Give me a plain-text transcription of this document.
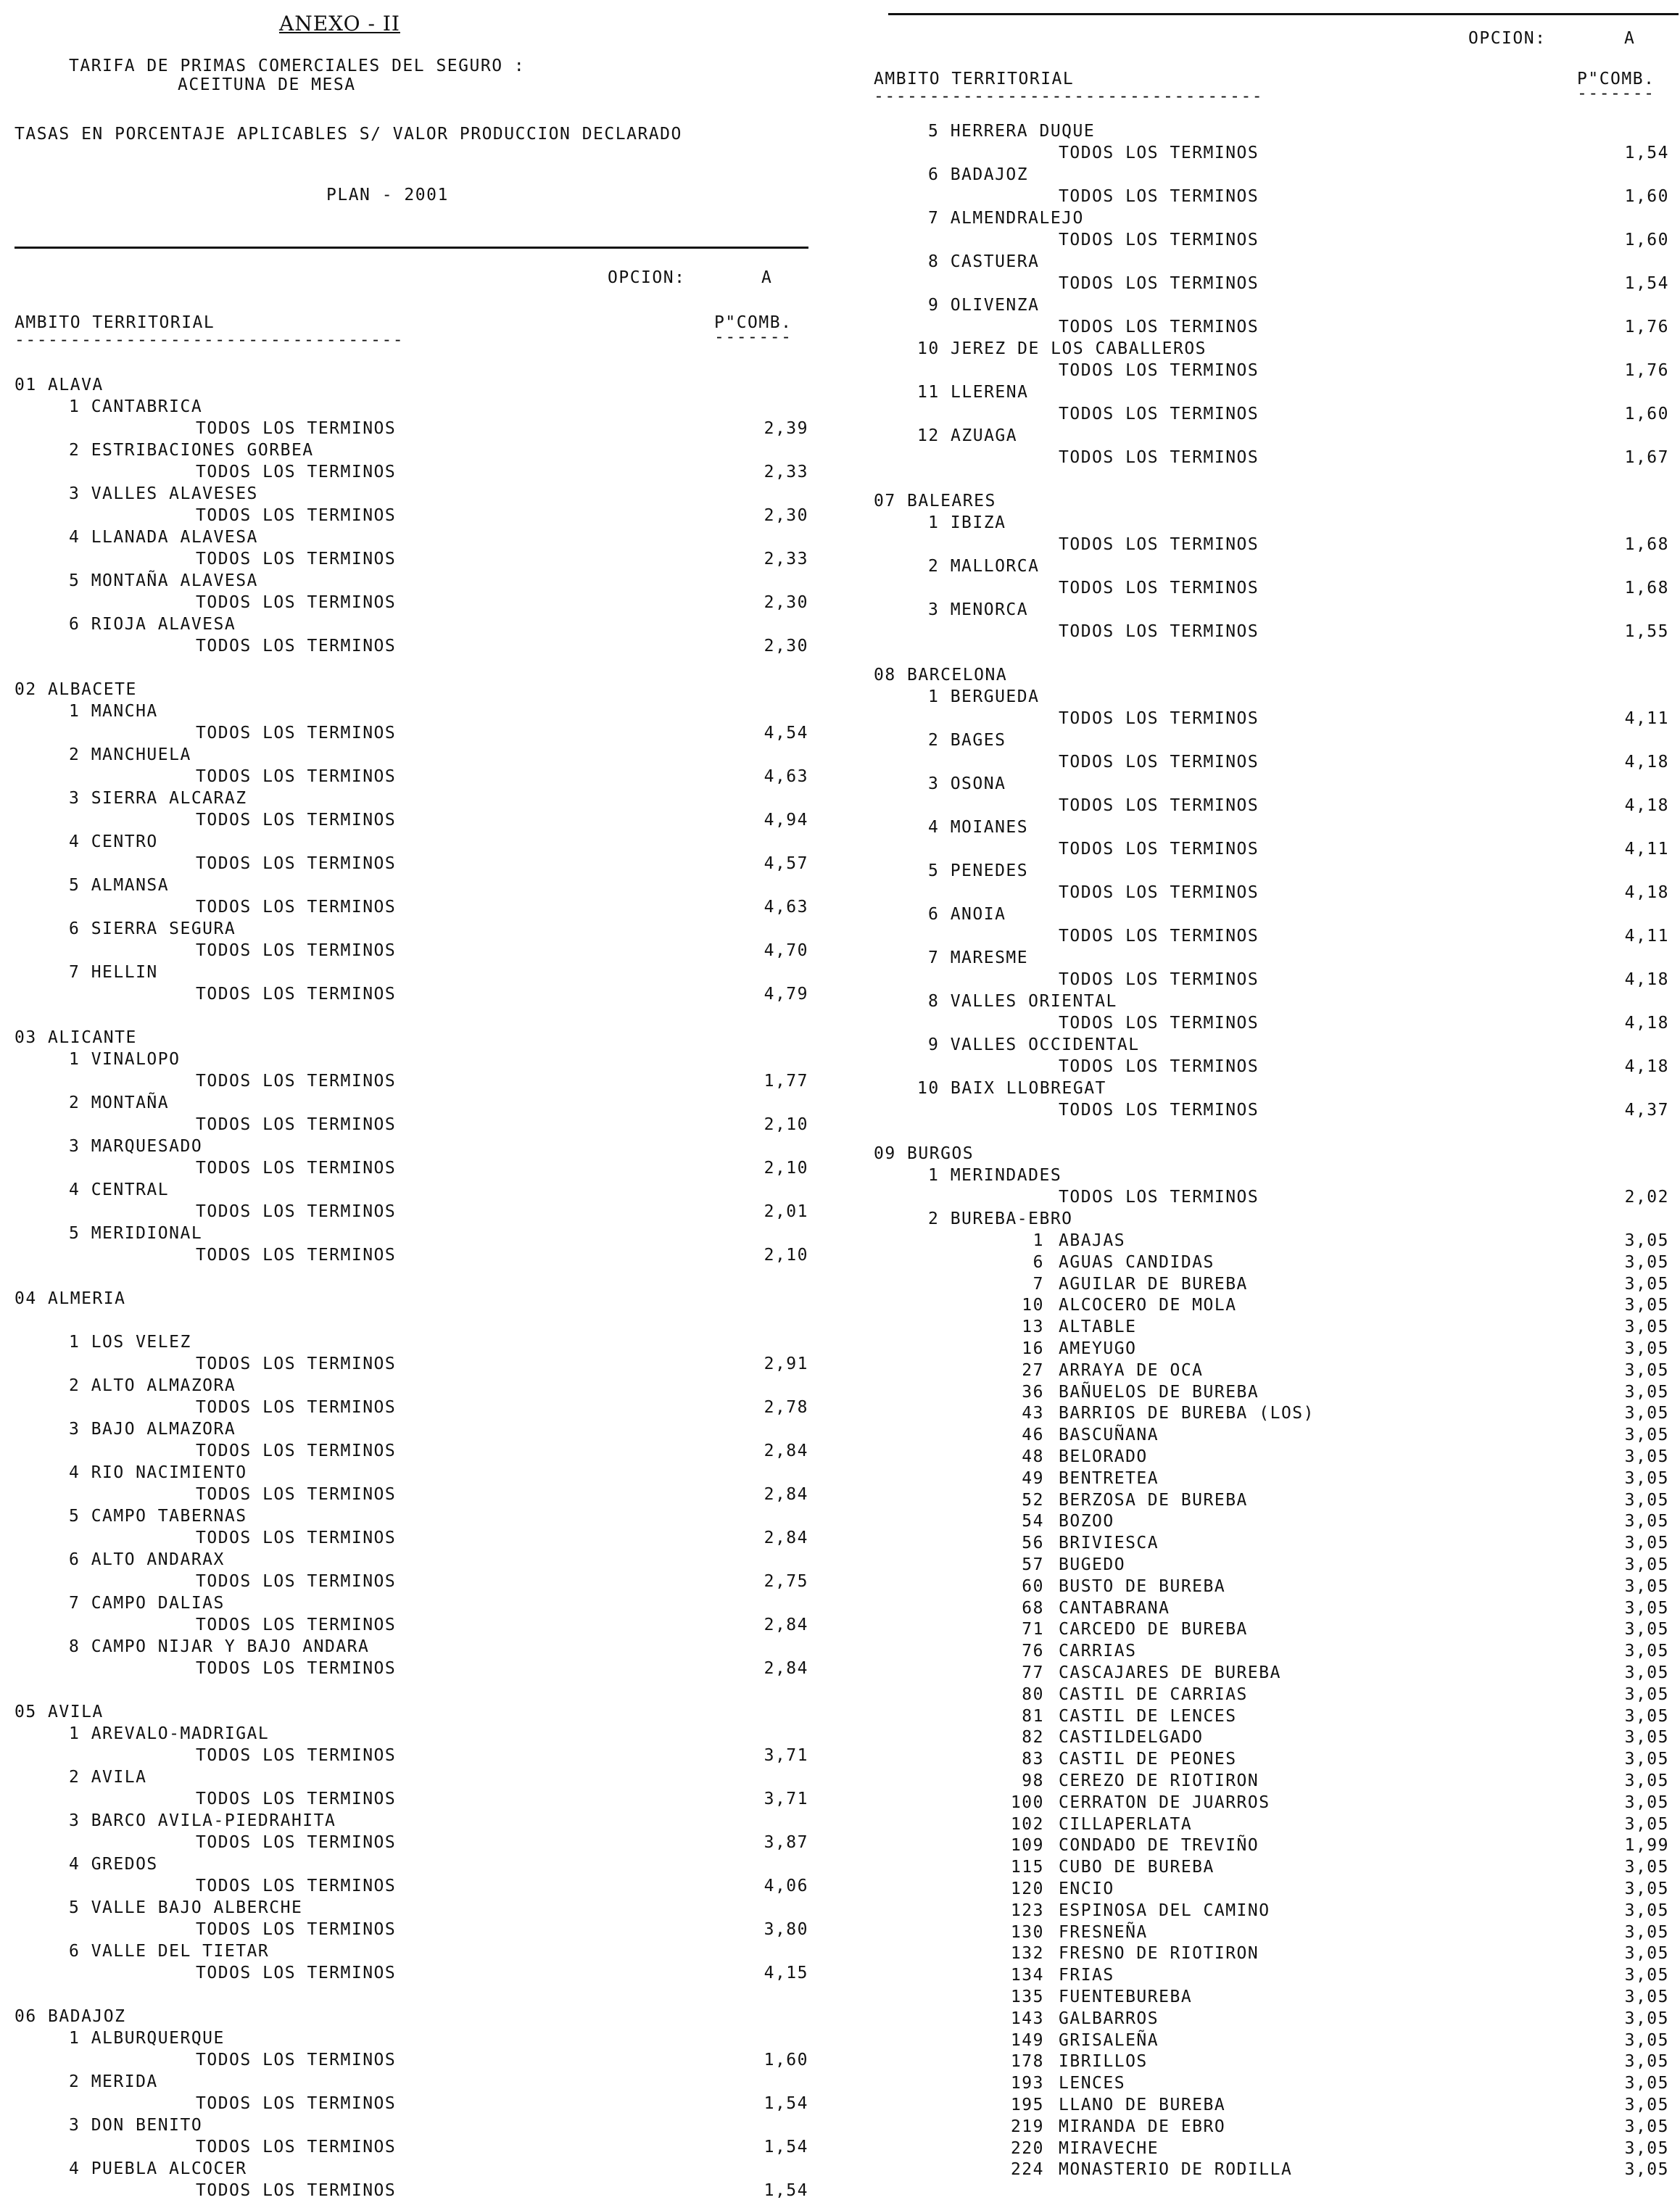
ANEXO - II
TARIFA DE PRIMAS COMERCIALES DEL SEGURO :
ACEITUNA DE MESA
TASAS EN PORCENTAJE APLICABLES S/ VALOR PRODUCCION DECLARADO
PLAN - 2001
OPCION:	A
AMBITO TERRITORIAL	P"COMB.
-----------------------------------	-------
01 ALAVA
1 CANTABRICA
TODOS LOS TERMINOS	2,39
2 ESTRIBACIONES GORBEA
TODOS LOS TERMINOS	2,33
3 VALLES ALAVESES
TODOS LOS TERMINOS	2,30
4 LLANADA ALAVESA
TODOS LOS TERMINOS	2,33
5 MONTAÑA ALAVESA
TODOS LOS TERMINOS	2,30
6 RIOJA ALAVESA
TODOS LOS TERMINOS	2,30
02 ALBACETE
1 MANCHA
TODOS LOS TERMINOS	4,54
2 MANCHUELA
TODOS LOS TERMINOS	4,63
3 SIERRA ALCARAZ
TODOS LOS TERMINOS	4,94
4 CENTRO
TODOS LOS TERMINOS	4,57
5 ALMANSA
TODOS LOS TERMINOS	4,63
6 SIERRA SEGURA
TODOS LOS TERMINOS	4,70
7 HELLIN
TODOS LOS TERMINOS	4,79
03 ALICANTE
1 VINALOPO
TODOS LOS TERMINOS	1,77
2 MONTAÑA
TODOS LOS TERMINOS	2,10
3 MARQUESADO
TODOS LOS TERMINOS	2,10
4 CENTRAL
TODOS LOS TERMINOS	2,01
5 MERIDIONAL
TODOS LOS TERMINOS	2,10
04 ALMERIA
1 LOS VELEZ
TODOS LOS TERMINOS	2,91
2 ALTO ALMAZORA
TODOS LOS TERMINOS	2,78
3 BAJO ALMAZORA
TODOS LOS TERMINOS	2,84
4 RIO NACIMIENTO
TODOS LOS TERMINOS	2,84
5 CAMPO TABERNAS
TODOS LOS TERMINOS	2,84
6 ALTO ANDARAX
TODOS LOS TERMINOS	2,75
7 CAMPO DALIAS
TODOS LOS TERMINOS	2,84
8 CAMPO NIJAR Y BAJO ANDARA
TODOS LOS TERMINOS	2,84
05 AVILA
1 AREVALO-MADRIGAL
TODOS LOS TERMINOS	3,71
2 AVILA
TODOS LOS TERMINOS	3,71
3 BARCO AVILA-PIEDRAHITA
TODOS LOS TERMINOS	3,87
4 GREDOS
TODOS LOS TERMINOS	4,06
5 VALLE BAJO ALBERCHE
TODOS LOS TERMINOS	3,80
6 VALLE DEL TIETAR
TODOS LOS TERMINOS	4,15
06 BADAJOZ
1 ALBURQUERQUE
TODOS LOS TERMINOS	1,60
2 MERIDA
TODOS LOS TERMINOS	1,54
3 DON BENITO
TODOS LOS TERMINOS	1,54
4 PUEBLA ALCOCER
TODOS LOS TERMINOS	1,54
OPCION:	A
AMBITO TERRITORIAL	P"COMB.
-----------------------------------	-------
5 HERRERA DUQUE
TODOS LOS TERMINOS	1,54
6 BADAJOZ
TODOS LOS TERMINOS	1,60
7 ALMENDRALEJO
TODOS LOS TERMINOS	1,60
8 CASTUERA
TODOS LOS TERMINOS	1,54
9 OLIVENZA
TODOS LOS TERMINOS	1,76
10 JEREZ DE LOS CABALLEROS
TODOS LOS TERMINOS	1,76
11 LLERENA
TODOS LOS TERMINOS	1,60
12 AZUAGA
TODOS LOS TERMINOS	1,67
07 BALEARES
1 IBIZA
TODOS LOS TERMINOS	1,68
2 MALLORCA
TODOS LOS TERMINOS	1,68
3 MENORCA
TODOS LOS TERMINOS	1,55
08 BARCELONA
1 BERGUEDA
TODOS LOS TERMINOS	4,11
2 BAGES
TODOS LOS TERMINOS	4,18
3 OSONA
TODOS LOS TERMINOS	4,18
4 MOIANES
TODOS LOS TERMINOS	4,11
5 PENEDES
TODOS LOS TERMINOS	4,18
6 ANOIA
TODOS LOS TERMINOS	4,11
7 MARESME
TODOS LOS TERMINOS	4,18
8 VALLES ORIENTAL
TODOS LOS TERMINOS	4,18
9 VALLES OCCIDENTAL
TODOS LOS TERMINOS	4,18
10 BAIX LLOBREGAT
TODOS LOS TERMINOS	4,37
09 BURGOS
1 MERINDADES
TODOS LOS TERMINOS	2,02
2 BUREBA-EBRO
1 ABAJAS	3,05
6 AGUAS CANDIDAS	3,05
7 AGUILAR DE BUREBA	3,05
10 ALCOCERO DE MOLA	3,05
13 ALTABLE	3,05
16 AMEYUGO	3,05
27 ARRAYA DE OCA	3,05
36 BAÑUELOS DE BUREBA	3,05
43 BARRIOS DE BUREBA (LOS)	3,05
46 BASCUÑANA	3,05
48 BELORADO	3,05
49 BENTRETEA	3,05
52 BERZOSA DE BUREBA	3,05
54 BOZOO	3,05
56 BRIVIESCA	3,05
57 BUGEDO	3,05
60 BUSTO DE BUREBA	3,05
68 CANTABRANA	3,05
71 CARCEDO DE BUREBA	3,05
76 CARRIAS	3,05
77 CASCAJARES DE BUREBA	3,05
80 CASTIL DE CARRIAS	3,05
81 CASTIL DE LENCES	3,05
82 CASTILDELGADO	3,05
83 CASTIL DE PEONES	3,05
98 CEREZO DE RIOTIRON	3,05
100 CERRATON DE JUARROS	3,05
102 CILLAPERLATA	3,05
109 CONDADO DE TREVIÑO	1,99
115 CUBO DE BUREBA	3,05
120 ENCIO	3,05
123 ESPINOSA DEL CAMINO	3,05
130 FRESNEÑA	3,05
132 FRESNO DE RIOTIRON	3,05
134 FRIAS	3,05
135 FUENTEBUREBA	3,05
143 GALBARROS	3,05
149 GRISALEÑA	3,05
178 IBRILLOS	3,05
193 LENCES	3,05
195 LLANO DE BUREBA	3,05
219 MIRANDA DE EBRO	3,05
220 MIRAVECHE	3,05
224 MONASTERIO DE RODILLA	3,05
